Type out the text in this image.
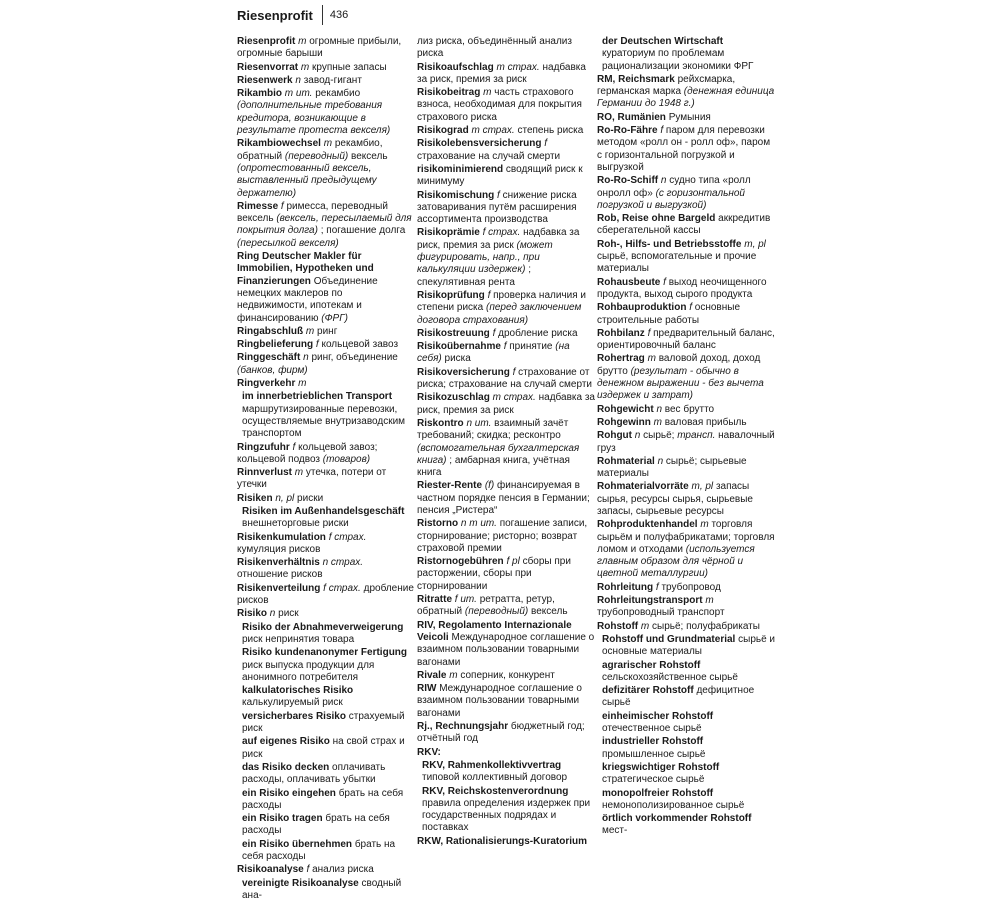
Riesenprofit 436
Riesenprofit m огромные прибыли, огромные барыши
Riesenvorrat m крупные запасы
Riesenwerk n завод-гигант
Rikambio m ит. рекамбио (дополнительные требования кредитора, возникающие в результате протеста векселя)
Rikambiowechsel m рекамбио, обратный (переводный) вексель (опротестованный вексель, выставленный предыдущему держателю)
Rimesse f римесса, переводный вексель (вексель, пересылаемый для покрытия долга) ; погашение долга (пересылкой векселя)
Ring Deutscher Makler für Immobilien, Hypotheken und Finanzierungen Объединение немецких маклеров по недвижимости, ипотекам и финансированию (ФРГ)
Ringabschluß m ринг
Ringbelieferung f кольцевой завоз
Ringgeschäft n ринг, объединение (банков, фирм)
Ringverkehr m
im innerbetrieblichen Transport маршрутизированные перевозки, осуществляемые внутризаводским транспортом
Ringzufuhr f кольцевой завоз; кольцевой подвоз (товаров)
Rinnverlust m утечка, потери от утечки
Risiken n, pl риски
Risiken im Außenhandelsgeschäft внешнеторговые риски
Risikenkumulation f страх. кумуляция рисков
Risikenverhältnis n страх. отношение рисков
Risikenverteilung f страх. дробление рисков
Risiko n риск
Risiko der Abnahmeverweigerung риск непринятия товара
Risiko kundenanonymer Fertigung риск выпуска продукции для анонимного потребителя
kalkulatorisches Risiko калькулируемый риск
versicherbares Risiko страхуемый риск
auf eigenes Risiko на свой страх и риск
das Risiko decken оплачивать расходы, оплачивать убытки
ein Risiko eingehen брать на себя расходы
ein Risiko tragen брать на себя расходы
ein Risiko übernehmen брать на себя расходы
Risikoanalyse f анализ риска
vereinigte Risikoanalyse сводный ана-
лиз риска, объединённый анализ риска
Risikoaufschlag m страх. надбавка за риск, премия за риск
Risikobeitrag m часть страхового взноса, необходимая для покрытия страхового риска
Risikograd m страх. степень риска
Risikolebensversicherung f страхование на случай смерти
risikominimierend сводящий риск к минимуму
Risikomischung f снижение риска затоваривания путём расширения ассортимента производства
Risikoprämie f страх. надбавка за риск, премия за риск (может фигурировать, напр., при калькуляции издержек) ; спекулятивная рента
Risikoprüfung f проверка наличия и степени риска (перед заключением договора страхования)
Risikostreuung f дробление риска
Risikoübernahme f принятие (на себя) риска
Risikoversicherung f страхование от риска; страхование на случай смерти
Risikozuschlag m страх. надбавка за риск, премия за риск
Riskontro n ит. взаимный зачёт требований; скидка; ресконтро (вспомогательная бухгалтерская книга) ; амбарная книга, учётная книга
Riester-Rente (f) финансируемая в частном порядке пенсия в Германии; пенсия „Ристера“
Ristorno n m ит. погашение записи, сторнирование; ристорно; возврат страховой премии
Ristornogebühren f pl сборы при расторжении, сборы при сторнировании
Ritratte f ит. ретратта, ретур, обратный (переводный) вексель
RIV, Regolamento Internazionale Veicoli Международное соглашение о взаимном пользовании товарными вагонами
Rivale m соперник, конкурент
RIW Международное соглашение о взаимном пользовании товарными вагонами
Rj., Rechnungsjahr бюджетный год; отчётный год
RKV:
RKV, Rahmenkollektivvertrag типовой коллективный договор
RKV, Reichskostenverordnung правила определения издержек при государственных подрядах и поставках
RKW, Rationalisierungs-Kuratorium
der Deutschen Wirtschaft кураториум по проблемам рационализации экономики ФРГ
RM, Reichsmark рейхсмарка, германская марка (денежная единица Германии до 1948 г.)
RO, Rumänien Румыния
Ro-Ro-Fähre f паром для перевозки методом «ролл он - ролл оф», паром с горизонтальной погрузкой и выгрузкой
Ro-Ro-Schiff n судно типа «ролл онролл оф» (с горизонтальной погрузкой и выгрузкой)
Rob, Reise ohne Bargeld аккредитив сберегательной кассы
Roh-, Hilfs- und Betriebsstoffe m, pl сырьё, вспомогательные и прочие материалы
Rohausbeute f выход неочищенного продукта, выход сырого продукта
Rohbauproduktion f основные строительные работы
Rohbilanz f предварительный баланс, ориентировочный баланс
Rohertrag m валовой доход, доход брутто (результат - обычно в денежном выражении - без вычета издержек и затрат)
Rohgewicht n вес брутто
Rohgewinn m валовая прибыль
Rohgut n сырьё; трансп. навалочный груз
Rohmaterial n сырьё; сырьевые материалы
Rohmaterialvorräte m, pl запасы сырья, ресурсы сырья, сырьевые запасы, сырьевые ресурсы
Rohproduktenhandel m торговля сырьём и полуфабрикатами; торговля ломом и отходами (используется главным образом для чёрной и цветной металлургии)
Rohrleitung f трубопровод
Rohrleitungstransport m трубопроводный транспорт
Rohstoff m сырьё; полуфабрикаты
Rohstoff und Grundmaterial сырьё и основные материалы
agrarischer Rohstoff сельскохозяйственное сырьё
defizitärer Rohstoff дефицитное сырьё
einheimischer Rohstoff отечественное сырьё
industrieller Rohstoff промышленное сырьё
kriegswichtiger Rohstoff стратегическое сырьё
monopolfreier Rohstoff немонополизированное сырьё
örtlich vorkommender Rohstoff мест-
